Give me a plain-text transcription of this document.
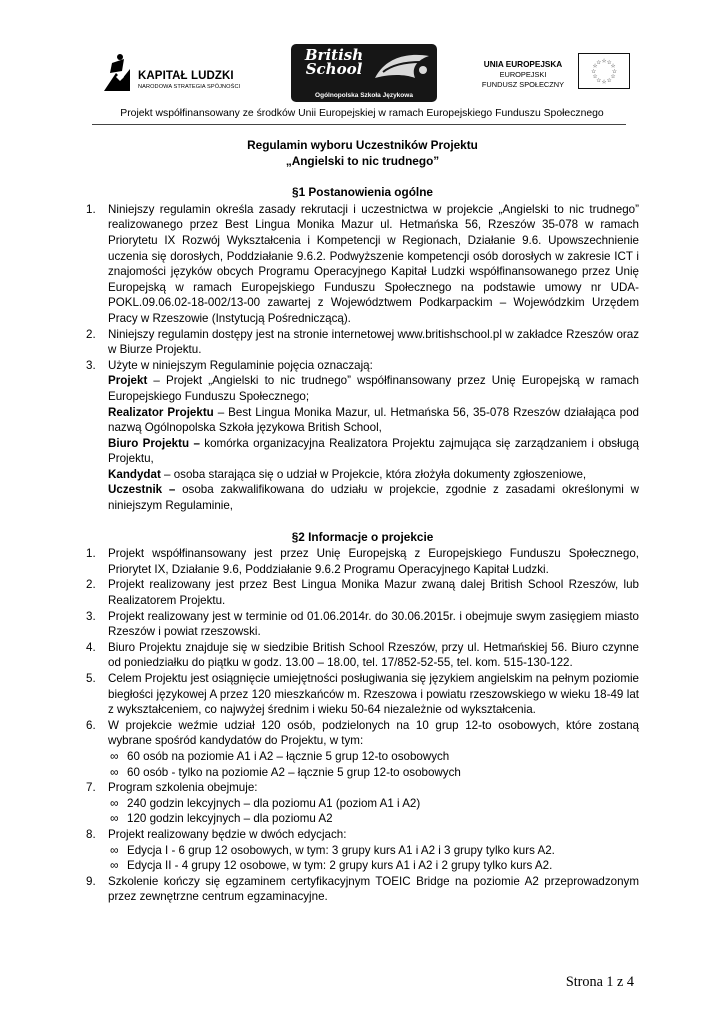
KAPITAŁ LUDZKI
NARODOWA STRATEGIA SPÓJNOŚCI
British School
Ogólnopolska Szkoła Językowa
UNIA EUROPEJSKA
EUROPEJSKI
FUNDUSZ SPOŁECZNY
☆
☆
☆
☆
☆
☆
☆
☆
☆ ☆ ☆
☆
Projekt współfinansowany ze środków Unii Europejskiej w ramach Europejskiego Funduszu Społecznego
Regulamin wyboru Uczestników Projektu
„Angielski to nic trudnego”
§1 Postanowienia ogólne
1. Niniejszy regulamin określa zasady rekrutacji i uczestnictwa w projekcie „Angielski to nic trudnego” realizowanego przez Best Lingua Monika Mazur ul. Hetmańska 56, Rzeszów 35-078 w ramach Priorytetu IX Rozwój Wykształcenia i Kompetencji w Regionach, Działanie 9.6. Upowszechnienie uczenia się dorosłych, Poddziałanie 9.6.2. Podwyższenie kompetencji osób dorosłych w zakresie ICT i znajomości języków obcych Programu Operacyjnego Kapitał Ludzki współfinansowanego przez Unię Europejską w ramach Europejskiego Funduszu Społecznego na podstawie umowy nr UDA-POKL.09.06.02-18-002/13-00 zawartej z Województwem Podkarpackim – Wojewódzkim Urzędem Pracy w Rzeszowie (Instytucją Pośredniczącą).
2. Niniejszy regulamin dostępy jest na stronie internetowej www.britishschool.pl w zakładce Rzeszów oraz w Biurze Projektu.
3. Użyte w niniejszym Regulaminie pojęcia oznaczają:
Projekt – Projekt „Angielski to nic trudnego” współfinansowany przez Unię Europejską w ramach Europejskiego Funduszu Społecznego;
Realizator Projektu – Best Lingua Monika Mazur, ul. Hetmańska 56, 35-078 Rzeszów działająca pod nazwą Ogólnopolska Szkoła językowa British School,
Biuro Projektu – komórka organizacyjna Realizatora Projektu zajmująca się zarządzaniem i obsługą Projektu,
Kandydat – osoba starająca się o udział w Projekcie, która złożyła dokumenty zgłoszeniowe,
Uczestnik – osoba zakwalifikowana do udziału w projekcie, zgodnie z zasadami określonymi w niniejszym Regulaminie,
§2 Informacje o projekcie
1. Projekt współfinansowany jest przez Unię Europejską z Europejskiego Funduszu Społecznego, Priorytet IX, Działanie 9.6, Poddziałanie 9.6.2 Programu Operacyjnego Kapitał Ludzki.
2. Projekt realizowany jest przez Best Lingua Monika Mazur zwaną dalej British School Rzeszów, lub Realizatorem Projektu.
3. Projekt realizowany jest w terminie od 01.06.2014r. do 30.06.2015r. i obejmuje swym zasięgiem miasto Rzeszów i powiat rzeszowski.
4. Biuro Projektu znajduje się w siedzibie British School Rzeszów, przy ul. Hetmańskiej 56. Biuro czynne od poniedziałku do piątku w godz. 13.00 – 18.00, tel. 17/852-52-55, tel. kom. 515-130-122.
5. Celem Projektu jest osiągnięcie umiejętności posługiwania się językiem angielskim na pełnym poziomie biegłości językowej A przez 120 mieszkańców m. Rzeszowa i powiatu rzeszowskiego w wieku 18-49 lat z wykształceniem, co najwyżej średnim i wieku 50-64 niezależnie od wykształcenia.
6. W projekcie weźmie udział 120 osób, podzielonych na 10 grup 12-to osobowych, które zostaną wybrane spośród kandydatów do Projektu, w tym:
∞ 60 osób na poziomie A1 i A2 – łącznie 5 grup 12-to osobowych
∞ 60 osób - tylko na poziomie A2 – łącznie 5 grup 12-to osobowych
7. Program szkolenia obejmuje:
∞ 240 godzin lekcyjnych – dla poziomu A1 (poziom A1 i A2)
∞ 120 godzin lekcyjnych – dla poziomu A2
8. Projekt realizowany będzie w dwóch edycjach:
∞ Edycja I - 6 grup 12 osobowych, w tym: 3 grupy kurs A1 i A2 i 3 grupy tylko kurs A2.
∞ Edycja II - 4 grupy 12 osobowe, w tym: 2 grupy kurs A1 i A2 i 2 grupy tylko kurs A2.
9. Szkolenie kończy się egzaminem certyfikacyjnym TOEIC Bridge na poziomie A2 przeprowadzonym przez zewnętrzne centrum egzaminacyjne.
Strona 1 z 4
